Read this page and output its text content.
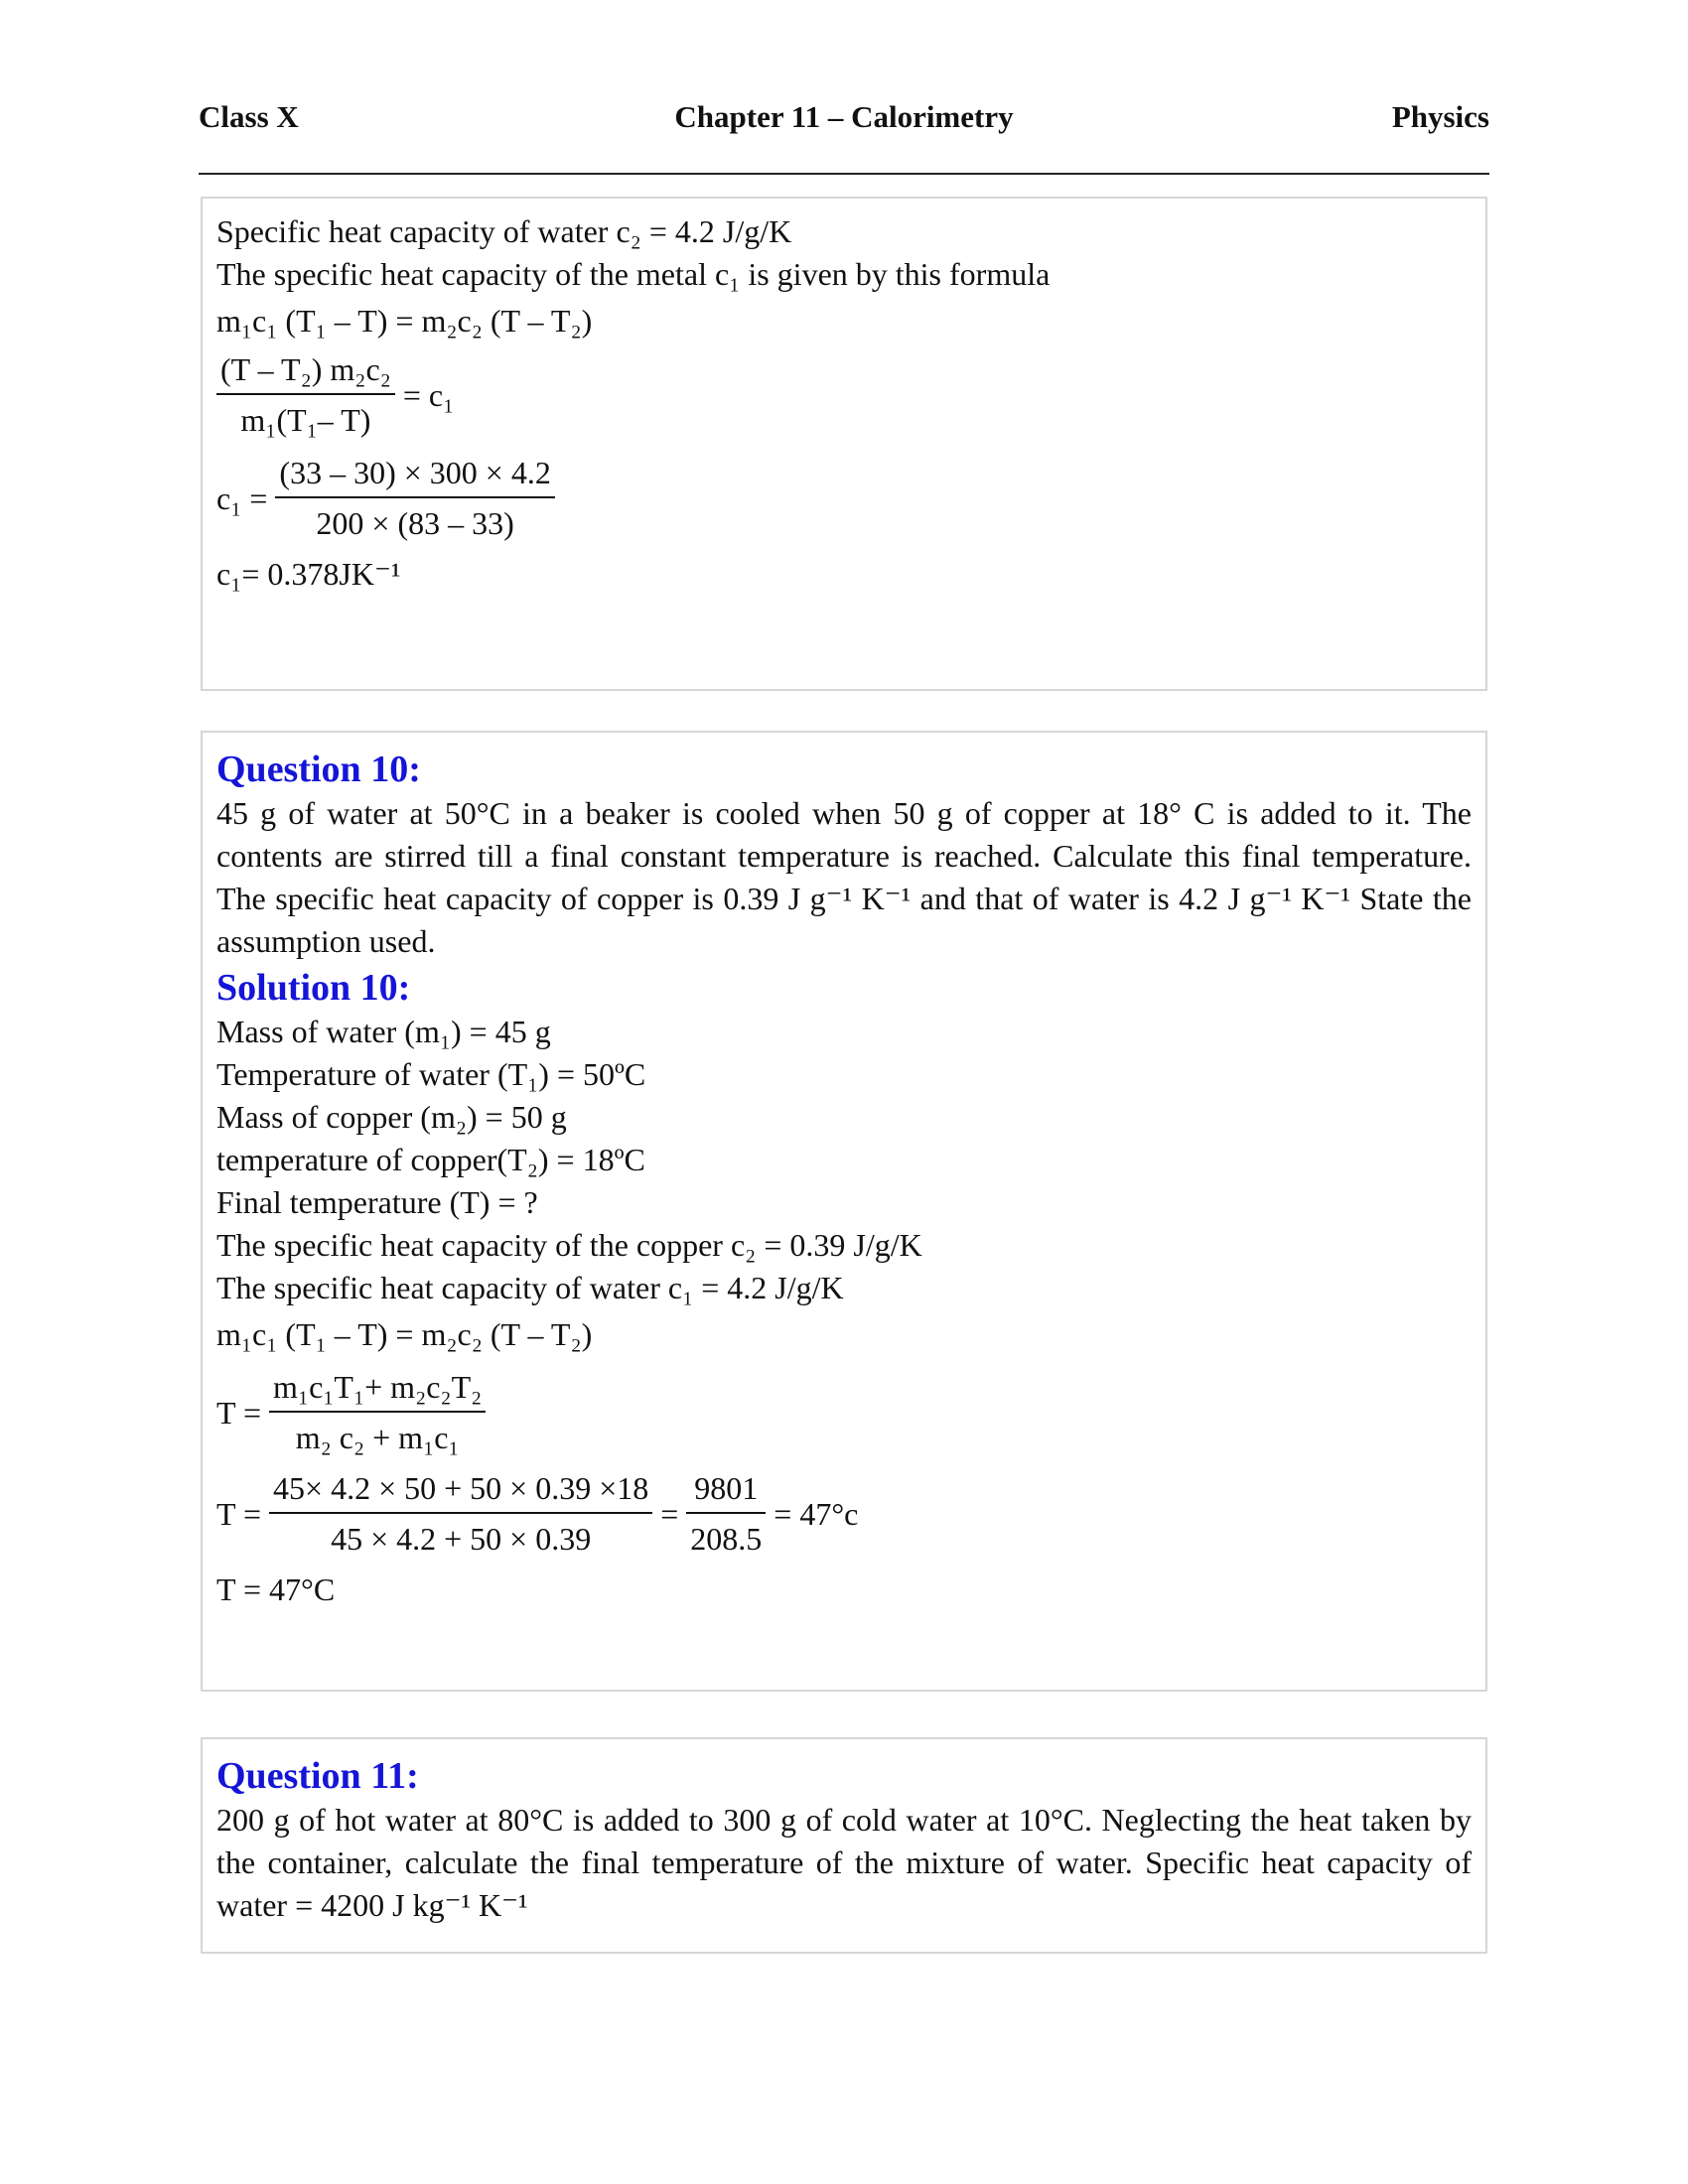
Chapter 11 – Calorimetry
Class X	Physics
Specific heat capacity of water c₂ = 4.2 J/g/K
The specific heat capacity of the metal c₁ is given by this formula
m₁c₁ (T₁ – T) = m₂c₂ (T – T₂)
$\frac{\text{(T – T₂) m₂c₂}}{\text{m₁(T₁– T)}} = c_1$
$c_1 = \frac{(33 - 30) \times 300 \times 4.2}{200 \times (83 - 33)}$
c₁= 0.378JK⁻¹
Question 10:
45 g of water at 50°C in a beaker is cooled when 50 g of copper at 18° C is added to it. The contents are stirred till a final constant temperature is reached. Calculate this final temperature. The specific heat capacity of copper is 0.39 J g⁻¹ K⁻¹ and that of water is 4.2 J g⁻¹ K⁻¹ State the assumption used.
Solution 10:
Mass of water (m₁) = 45 g
Temperature of water (T₁) = 50ºC
Mass of copper (m₂) = 50 g
temperature of copper(T₂) = 18ºC
Final temperature (T) = ?
The specific heat capacity of the copper c₂ = 0.39 J/g/K
The specific heat capacity of water c₁ = 4.2 J/g/K
m₁c₁ (T₁ – T) = m₂c₂ (T – T₂)
$T = \frac{\text{m₁c₁T₁+ m₂c₂T₂}}{\text{m₂ c₂ + m₁c₁}}$
$T = \frac{45\times 4.2 \times 50 + 50 \times 0.39 \times 18}{45 \times 4.2 + 50 \times 0.39} = \frac{9801}{208.5} = 47^\circ c$
T = 47°C
Question 11:
200 g of hot water at 80°C is added to 300 g of cold water at 10°C. Neglecting the heat taken by the container, calculate the final temperature of the mixture of water. Specific heat capacity of water = 4200 J kg⁻¹ K⁻¹
